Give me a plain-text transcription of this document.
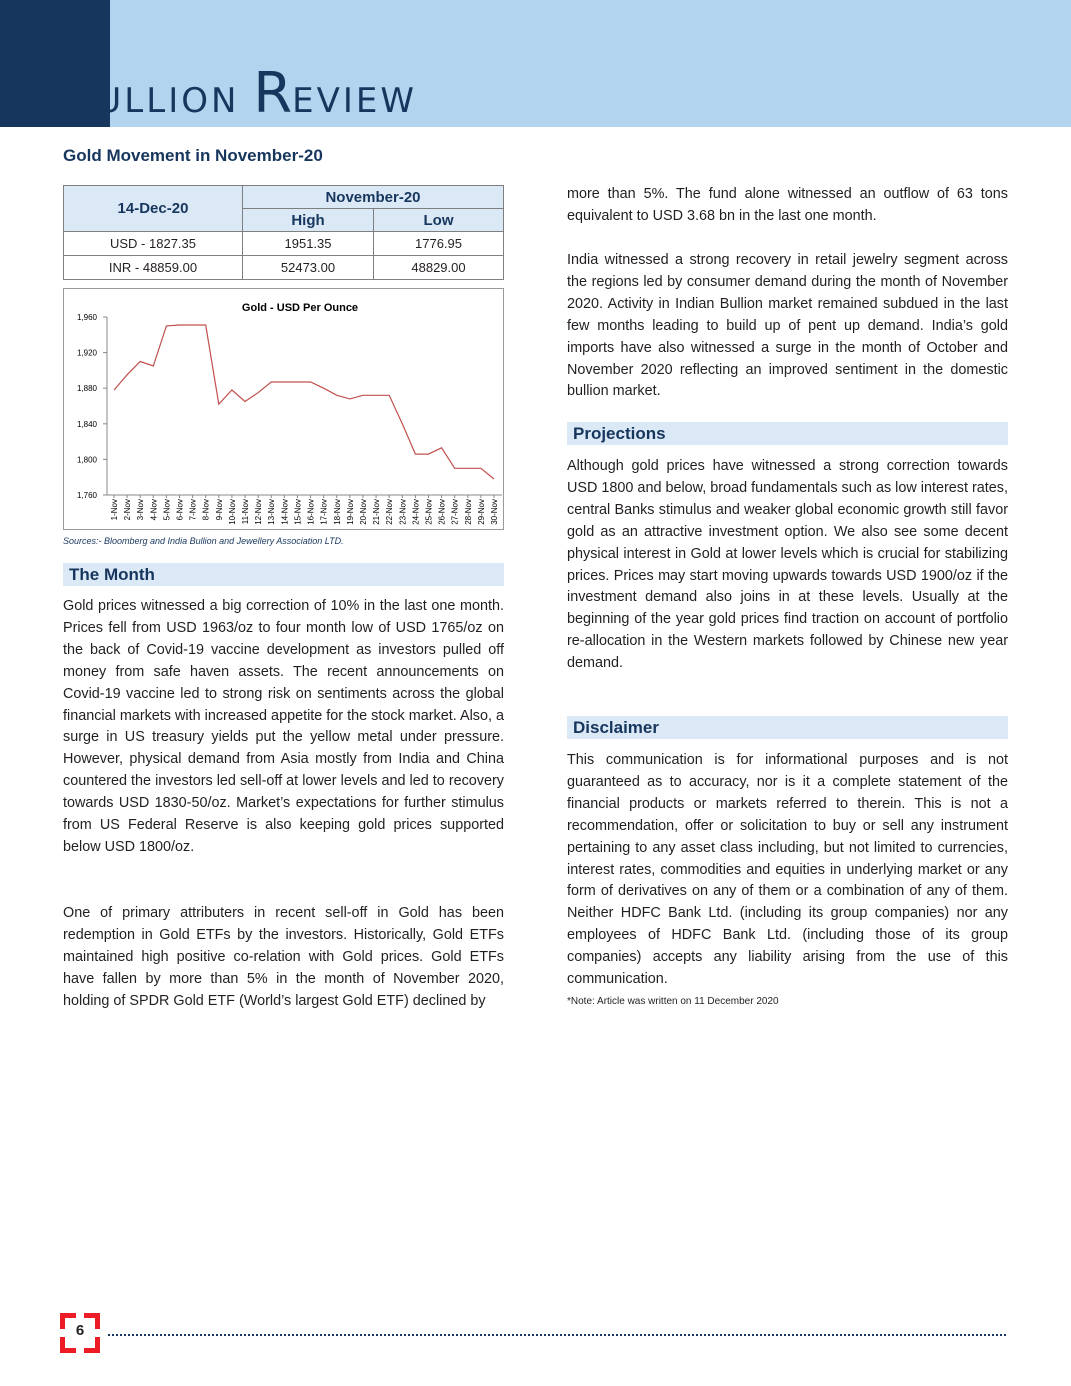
BULLION REVIEW
Gold Movement in November-20
14-Dec-20	November-20	
	High	Low
USD - 1827.35	1951.35	1776.95
INR - 48859.00	52473.00	48829.00
Gold - USD Per Ounce
1,960
1,920
1,880
1,840
1,800
1,760
1-Nov 2-Nov 3-Nov 4-Nov 5-Nov 6-Nov 7-Nov 8-Nov 9-Nov 10-Nov 11-Nov 12-Nov 13-Nov 14-Nov 15-Nov 16-Nov 17-Nov 18-Nov 19-Nov 20-Nov 21-Nov 22-Nov 23-Nov 24-Nov 25-Nov 26-Nov 27-Nov 28-Nov 29-Nov 30-Nov
Sources:- Bloomberg and India Bullion and Jewellery Association LTD.
The Month
Gold prices witnessed a big correction of 10% in the last one month. Prices fell from USD 1963/oz to four month low of USD 1765/oz on the back of Covid-19 vaccine development as investors pulled off money from safe haven assets. The recent announcements on Covid-19 vaccine led to strong risk on sentiments across the global financial markets with increased appetite for the stock market. Also, a surge in US treasury yields put the yellow metal under pressure. However, physical demand from Asia mostly from India and China countered the investors led sell-off at lower levels and led to recovery towards USD 1830-50/oz. Market’s expectations for further stimulus from US Federal Reserve is also keeping gold prices supported below USD 1800/oz.
One of primary attributers in recent sell-off in Gold has been redemption in Gold ETFs by the investors. Historically, Gold ETFs maintained high positive co-relation with Gold prices. Gold ETFs have fallen by more than 5% in the month of November 2020, holding of SPDR Gold ETF (World’s largest Gold ETF) declined by
more than 5%. The fund alone witnessed an outflow of 63 tons equivalent to USD 3.68 bn in the last one month.
India witnessed a strong recovery in retail jewelry segment across the regions led by consumer demand during the month of November 2020. Activity in Indian Bullion market remained subdued in the last few months leading to build up of pent up demand. India’s gold imports have also witnessed a surge in the month of October and November 2020 reflecting an improved sentiment in the domestic bullion market.
Projections
Although gold prices have witnessed a strong correction towards USD 1800 and below, broad fundamentals such as low interest rates, central Banks stimulus and weaker global economic growth still favor gold as an attractive investment option. We also see some decent physical interest in Gold at lower levels which is crucial for stabilizing prices. Prices may start moving upwards towards USD 1900/oz if the investment demand also joins in at these levels. Usually at the beginning of the year gold prices find traction on account of portfolio re-allocation in the Western markets followed by Chinese new year demand.
Disclaimer
This communication is for informational purposes and is not guaranteed as to accuracy, nor is it a complete statement of the financial products or markets referred to therein. This is not a recommendation, offer or solicitation to buy or sell any instrument pertaining to any asset class including, but not limited to currencies, interest rates, commodities and equities in underlying market or any form of derivatives on any of them or a combination of any of them. Neither HDFC Bank Ltd. (including its group companies) nor any employees of HDFC Bank Ltd. (including those of its group companies) accepts any liability arising from the use of this communication.
*Note: Article was written on 11 December 2020
6
